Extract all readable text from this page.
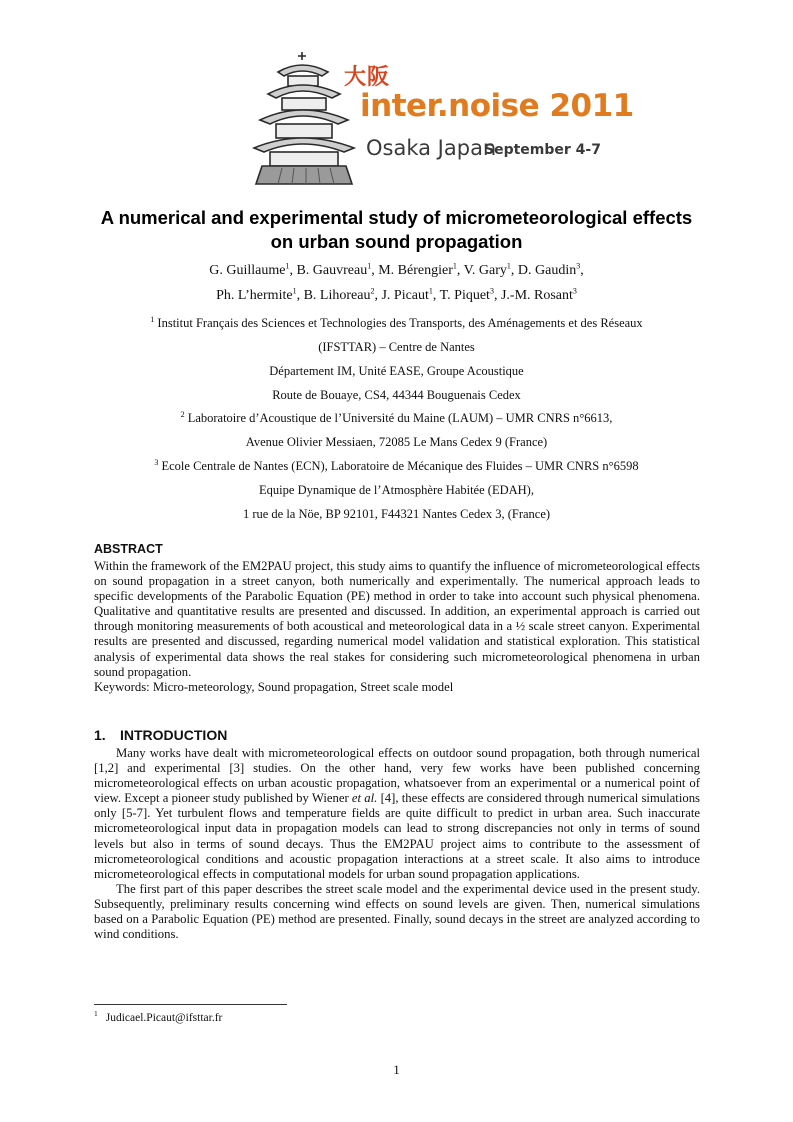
大阪
inter.noise 2011
Osaka Japan
September 4-7
A numerical and experimental study of micrometeorological effects
on urban sound propagation
G. Guillaume$^1$, B. Gauvreau$^1$, M. Bérengier$^1$, V. Gary$^1$, D. Gaudin$^3$,
Ph. L’hermite$^1$, B. Lihoreau$^2$, J. Picaut$^1$, T. Piquet$^3$, J.-M. Rosant$^3$
$^1$ Institut Français des Sciences et Technologies des Transports, des Aménagements et des Réseaux
(IFSTTAR) – Centre de Nantes
Département IM, Unité EASE, Groupe Acoustique
Route de Bouaye, CS4, 44344 Bouguenais Cedex
$^2$ Laboratoire d’Acoustique de l’Université du Maine (LAUM) – UMR CNRS n°6613,
Avenue Olivier Messiaen, 72085 Le Mans Cedex 9 (France)
$^3$ Ecole Centrale de Nantes (ECN), Laboratoire de Mécanique des Fluides – UMR CNRS n°6598
Equipe Dynamique de l’Atmosphère Habitée (EDAH),
1 rue de la Nöe, BP 92101, F44321 Nantes Cedex 3, (France)
ABSTRACT

Within the framework of the EM2PAU project, this study aims to quantify the influence of micrometeorological effects on sound propagation in a street canyon, both numerically and experimentally. The numerical approach leads to specific developments of the Parabolic Equation (PE) method in order to take into account such physical phenomena. Qualitative and quantitative results are presented and discussed. In addition, an experimental approach is carried out through monitoring measurements of both acoustical and meteorological data in a ½ scale street canyon. Experimental results are presented and discussed, regarding numerical model validation and statistical exploration. This statistical analysis of experimental data shows the real stakes for considering such micrometeorological phenomena in urban sound propagation.

Keywords: Micro-meteorology, Sound propagation, Street scale model

1. INTRODUCTION

Many works have dealt with micrometeorological effects on outdoor sound propagation, both through numerical [1,2] and experimental [3] studies. On the other hand, very few works have been published concerning micrometeorological effects on urban acoustic propagation, whatsoever from an experimental or a numerical point of view. Except a pioneer study published by Wiener et al. [4], these effects are considered through numerical simulations only [5-7]. Yet turbulent flows and temperature fields are quite difficult to predict in urban area. Such inaccurate micrometeorological input data in propagation models can lead to strong discrepancies not only in terms of sound levels but also in terms of sound decays. Thus the EM2PAU project aims to contribute to the assessment of micrometeorological conditions and acoustic propagation interactions at a street scale. It also aims to introduce micrometeorological effects in computational models for urban sound propagation applications.

The first part of this paper describes the street scale model and the experimental device used in the present study. Subsequently, preliminary results concerning wind effects on sound levels are given. Then, numerical simulations based on a Parabolic Equation (PE) method are presented. Finally, sound decays in the street are analyzed according to wind conditions.

$^1$ Judicael.Picaut@ifsttar.fr
1
